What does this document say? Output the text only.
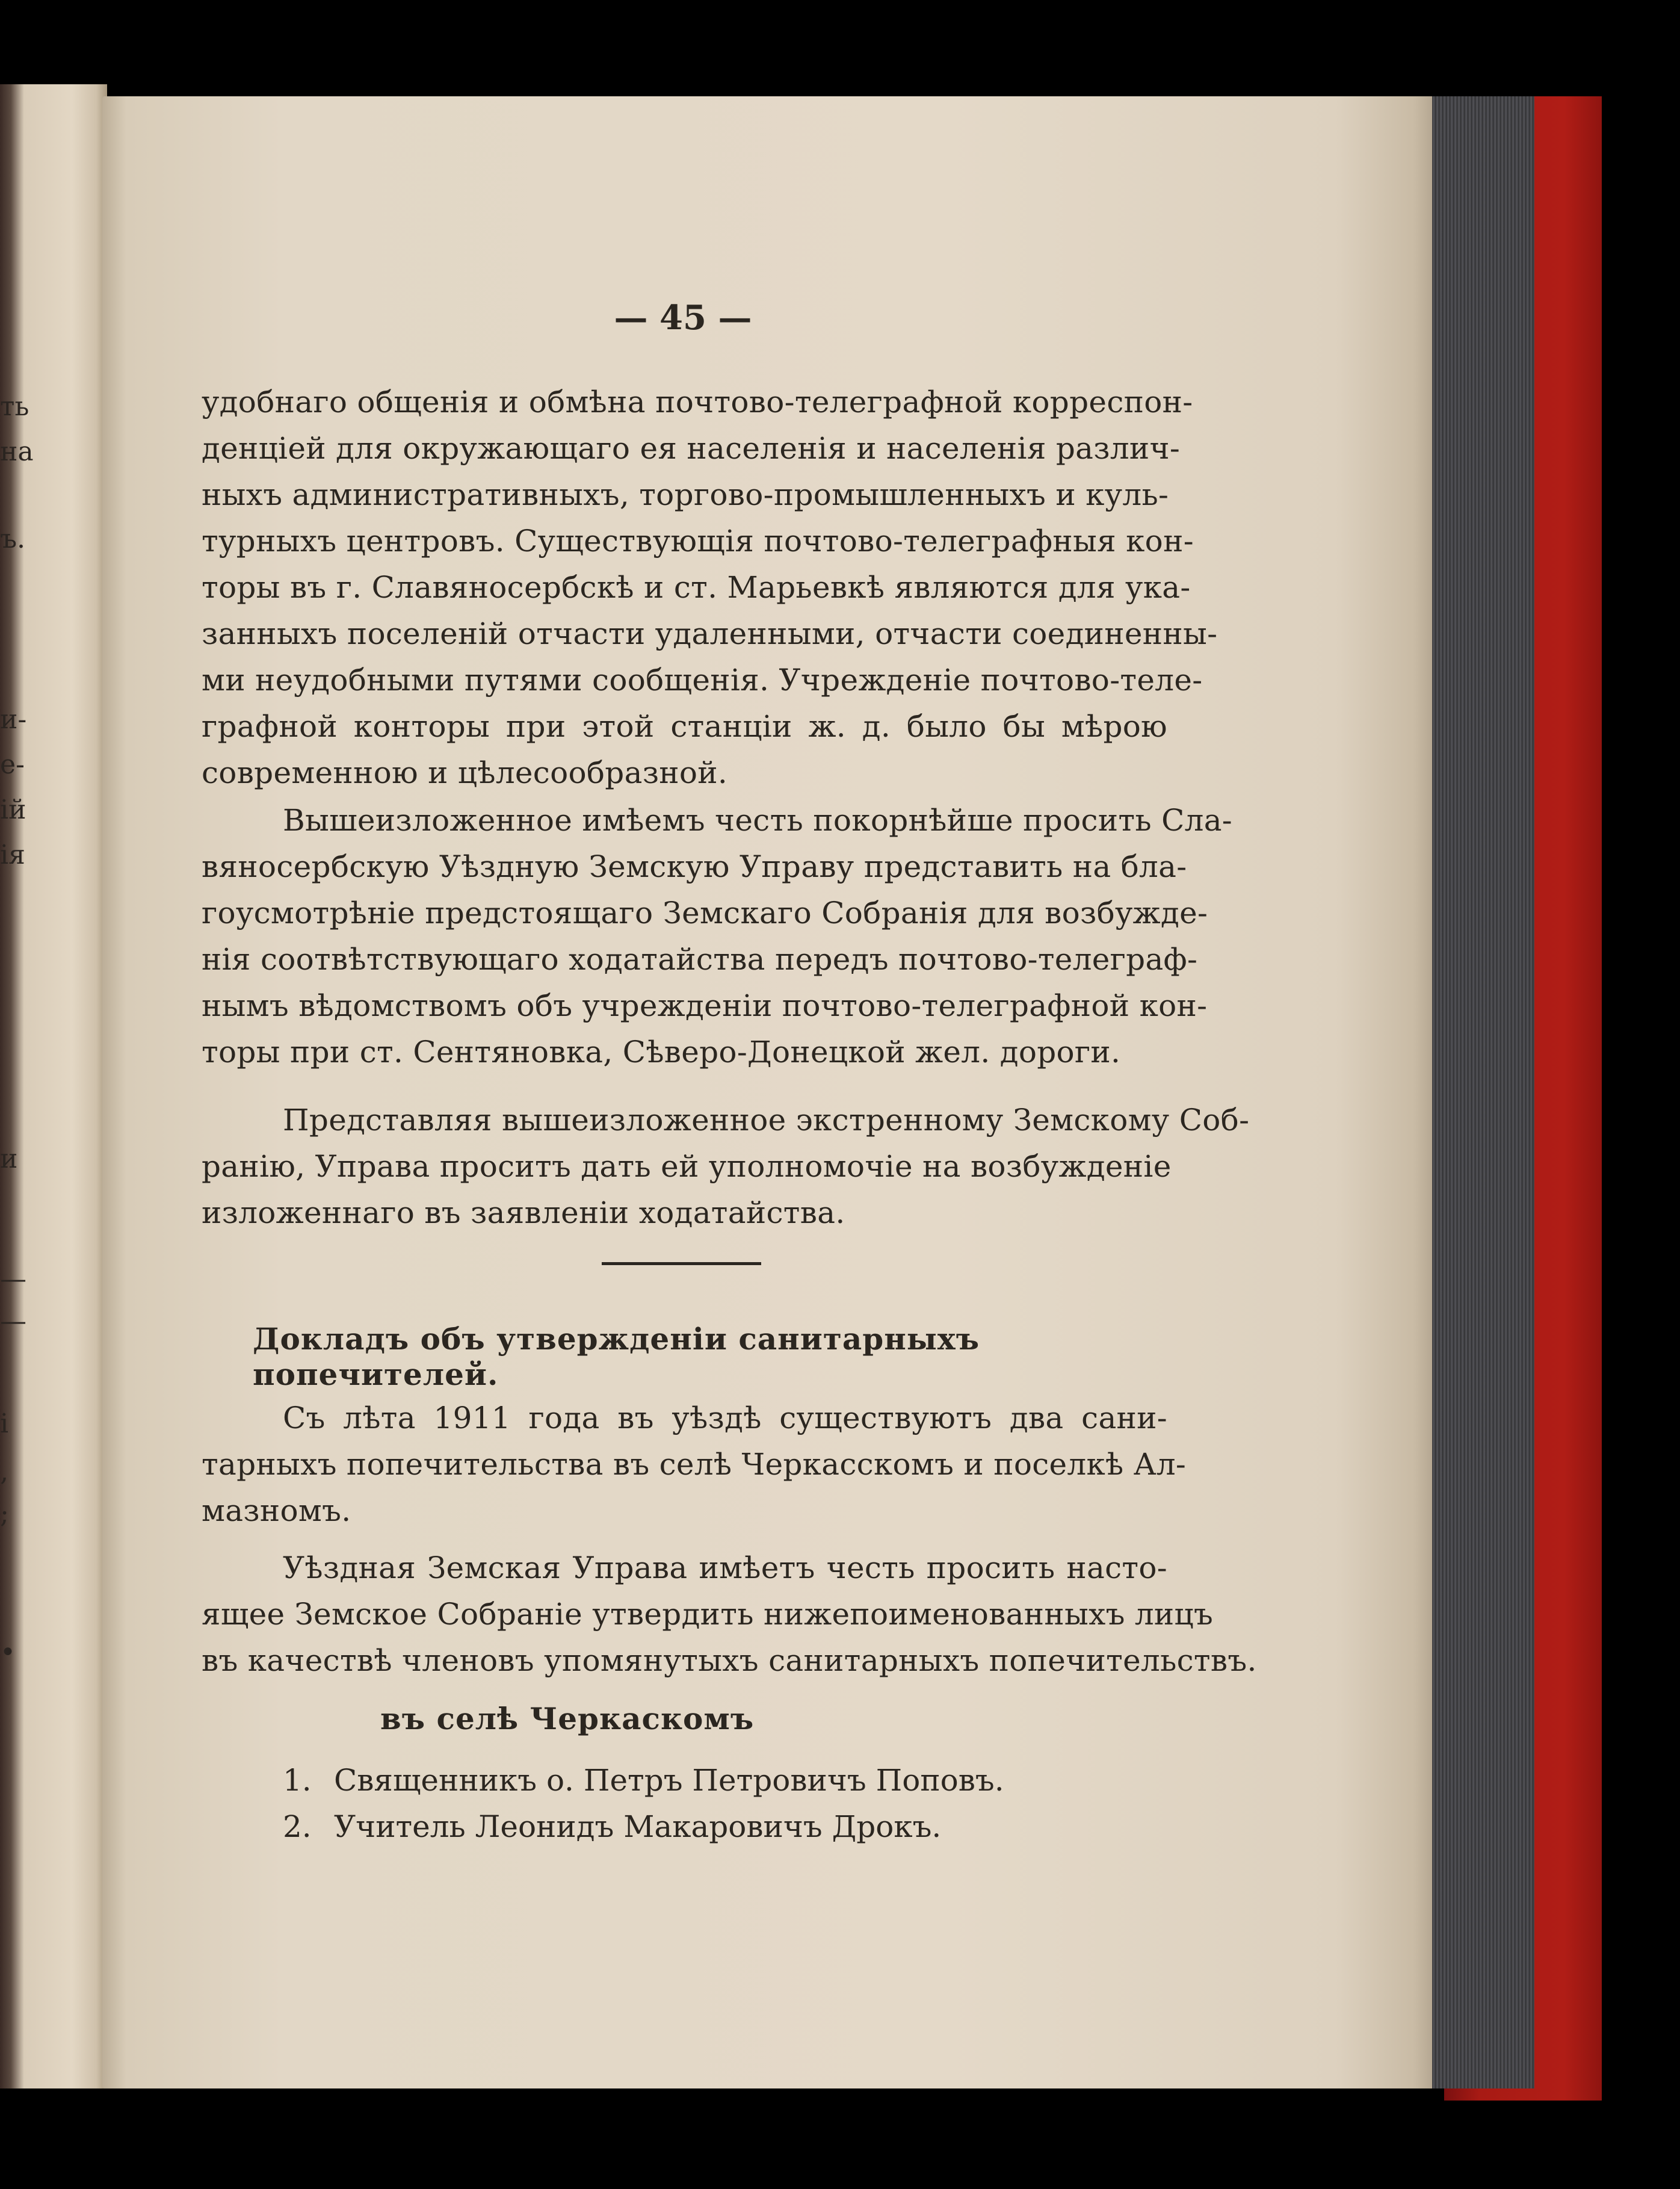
ть
на
ъ.
и-
е-
ій
ія
и
—
—
і
,
;
•
— 45 —
удобнаго общенія и обмѣна почтово-телеграфной корреспон-
денціей для окружающаго ея населенія и населенія различ-
ныхъ административныхъ, торгово-промышленныхъ и куль-
турныхъ центровъ. Существующія почтово-телеграфныя кон-
торы въ г. Славяносербскѣ и ст. Марьевкѣ являются для ука-
занныхъ поселеній отчасти удаленными, отчасти соединенны-
ми неудобными путями сообщенія. Учрежденіе почтово-теле-
графной конторы при этой станціи ж. д. было бы мѣрою
современною и цѣлесообразной.
Вышеизложенное имѣемъ честь покорнѣйше просить Сла-
вяносербскую Уѣздную Земскую Управу представить на бла-
гоусмотрѣніе предстоящаго Земскаго Собранія для возбужде-
нія соотвѣтствующаго ходатайства передъ почтово-телеграф-
нымъ вѣдомствомъ объ учрежденіи почтово-телеграфной кон-
торы при ст. Сентяновка, Сѣверо-Донецкой жел. дороги.
Представляя вышеизложенное экстренному Земскому Соб-
ранію, Управа проситъ дать ей уполномочіе на возбужденіе
изложеннаго въ заявленіи ходатайства.
Докладъ объ утвержденіи санитарныхъ попечителей.
Съ лѣта 1911 года въ уѣздѣ существуютъ два сани-
тарныхъ попечительства въ селѣ Черкасскомъ и поселкѣ Ал-
мазномъ.
Уѣздная Земская Управа имѣетъ честь просить насто-
ящее Земское Собраніе утвердить нижепоименованныхъ лицъ
въ качествѣ членовъ упомянутыхъ санитарныхъ попечительствъ.
въ селѣ Черкаскомъ
1. Священникъ о. Петръ Петровичъ Поповъ.
2. Учитель Леонидъ Макаровичъ Дрокъ.
